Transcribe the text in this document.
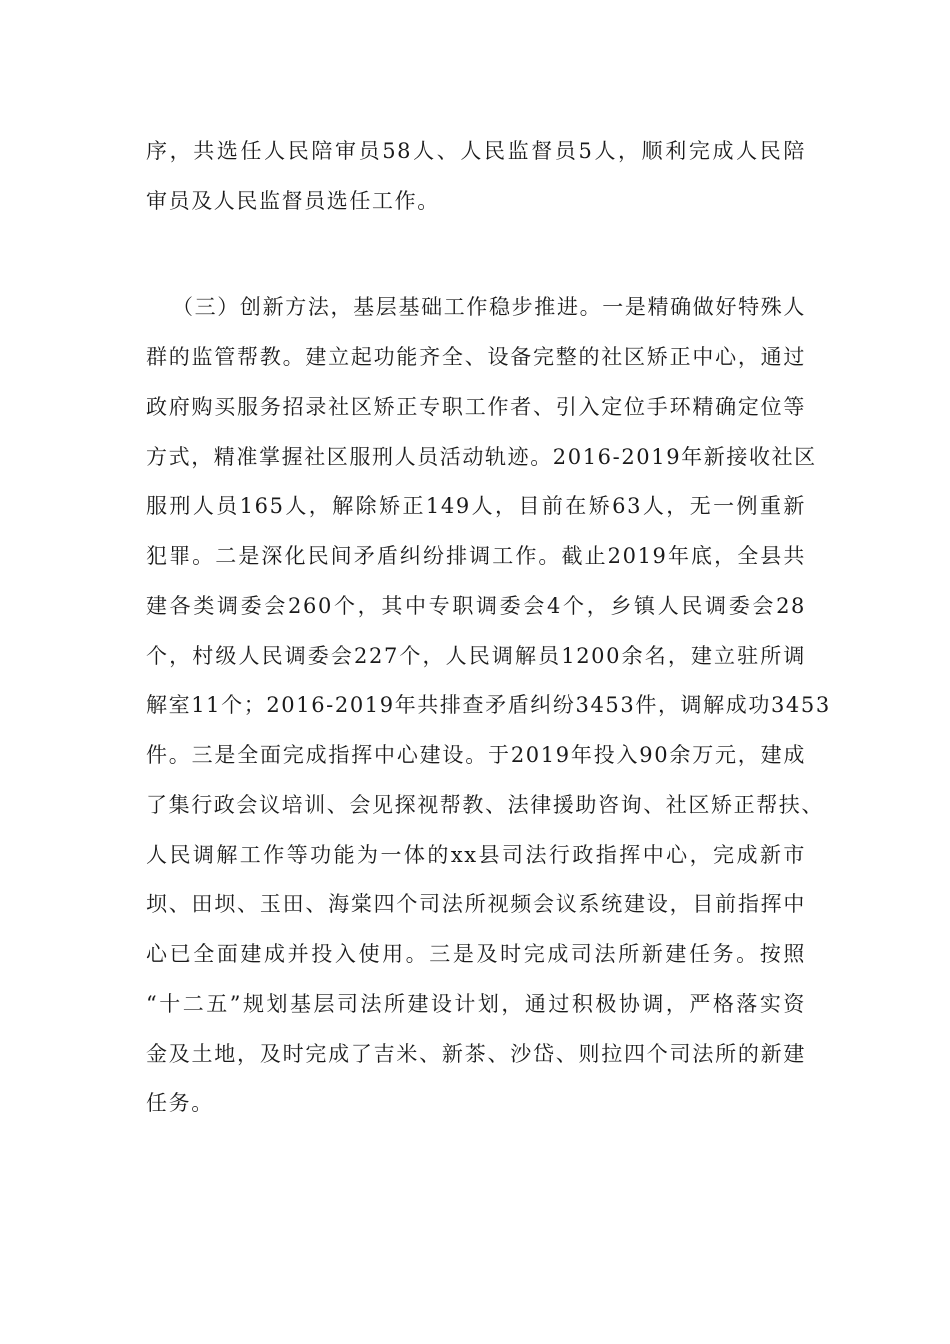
序，共选任人民陪审员58人、人民监督员5人，顺利完成人民陪
审员及人民监督员选任工作。
（三）创新方法，基层基础工作稳步推进。一是精确做好特殊人
群的监管帮教。建立起功能齐全、设备完整的社区矫正中心，通过
政府购买服务招录社区矫正专职工作者、引入定位手环精确定位等
方式，精准掌握社区服刑人员活动轨迹。2016-2019年新接收社区
服刑人员165人，解除矫正149人，目前在矫63人，无一例重新
犯罪。二是深化民间矛盾纠纷排调工作。截止2019年底，全县共
建各类调委会260个，其中专职调委会4个，乡镇人民调委会28
个，村级人民调委会227个，人民调解员1200余名，建立驻所调
解室11个；2016-2019年共排查矛盾纠纷3453件，调解成功3453
件。三是全面完成指挥中心建设。于2019年投入90余万元，建成
了集行政会议培训、会见探视帮教、法律援助咨询、社区矫正帮扶、
人民调解工作等功能为一体的xx县司法行政指挥中心，完成新市
坝、田坝、玉田、海棠四个司法所视频会议系统建设，目前指挥中
心已全面建成并投入使用。三是及时完成司法所新建任务。按照
“十二五”规划基层司法所建设计划，通过积极协调，严格落实资
金及土地，及时完成了吉米、新茶、沙岱、则拉四个司法所的新建
任务。
